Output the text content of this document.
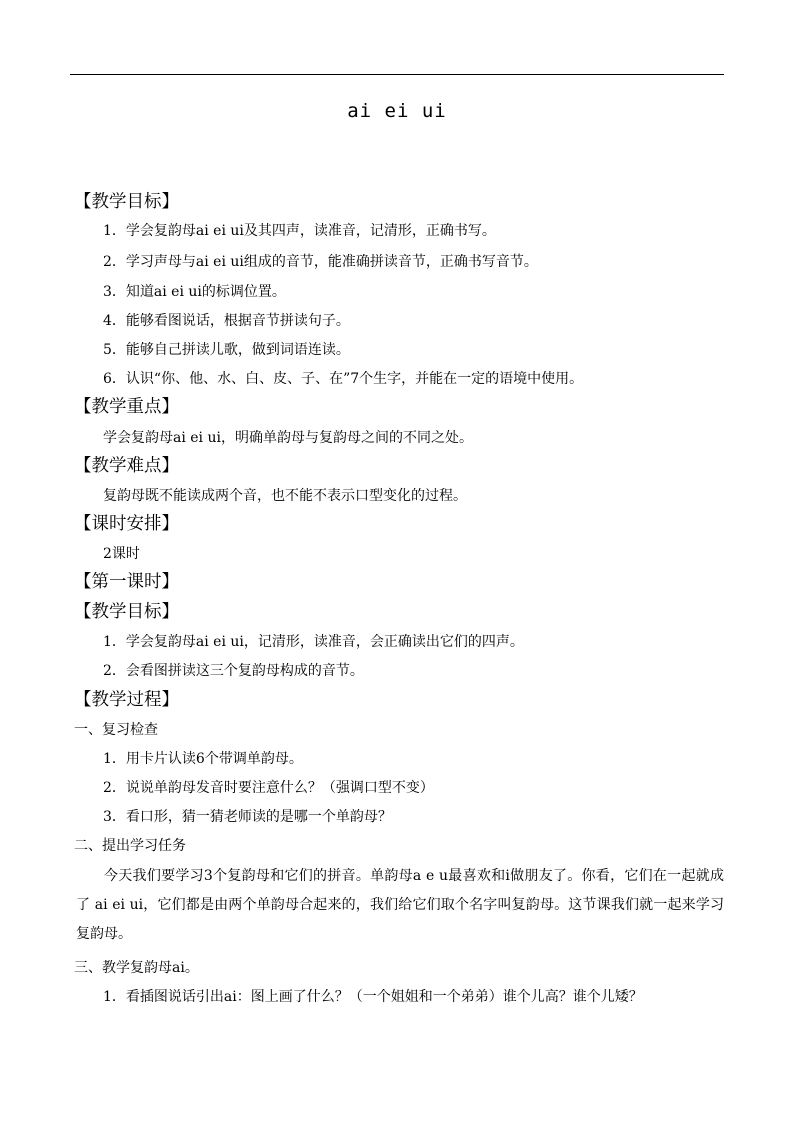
ai ei ui
【教学目标】
1．学会复韵母ai ei ui及其四声，读准音，记清形，正确书写。
2．学习声母与ai ei ui组成的音节，能准确拼读音节，正确书写音节。
3．知道ai ei ui的标调位置。
4．能够看图说话，根据音节拼读句子。
5．能够自己拼读儿歌，做到词语连读。
6．认识“你、他、水、白、皮、子、在”7个生字，并能在一定的语境中使用。
【教学重点】
学会复韵母ai ei ui，明确单韵母与复韵母之间的不同之处。
【教学难点】
复韵母既不能读成两个音，也不能不表示口型变化的过程。
【课时安排】
2课时
【第一课时】
【教学目标】
1．学会复韵母ai ei ui，记清形，读准音，会正确读出它们的四声。
2．会看图拼读这三个复韵母构成的音节。
【教学过程】
一、复习检查
1．用卡片认读6个带调单韵母。
2．说说单韵母发音时要注意什么？（强调口型不变）
3．看口形，猜一猜老师读的是哪一个单韵母？
二、提出学习任务
今天我们要学习3个复韵母和它们的拼音。单韵母a e u最喜欢和i做朋友了。你看，它们在一起就成了 ai ei ui，它们都是由两个单韵母合起来的，我们给它们取个名字叫复韵母。这节课我们就一起来学习复韵母。
三、教学复韵母ai。
1．看插图说话引出ai：图上画了什么？（一个姐姐和一个弟弟）谁个儿高？谁个儿矮？
